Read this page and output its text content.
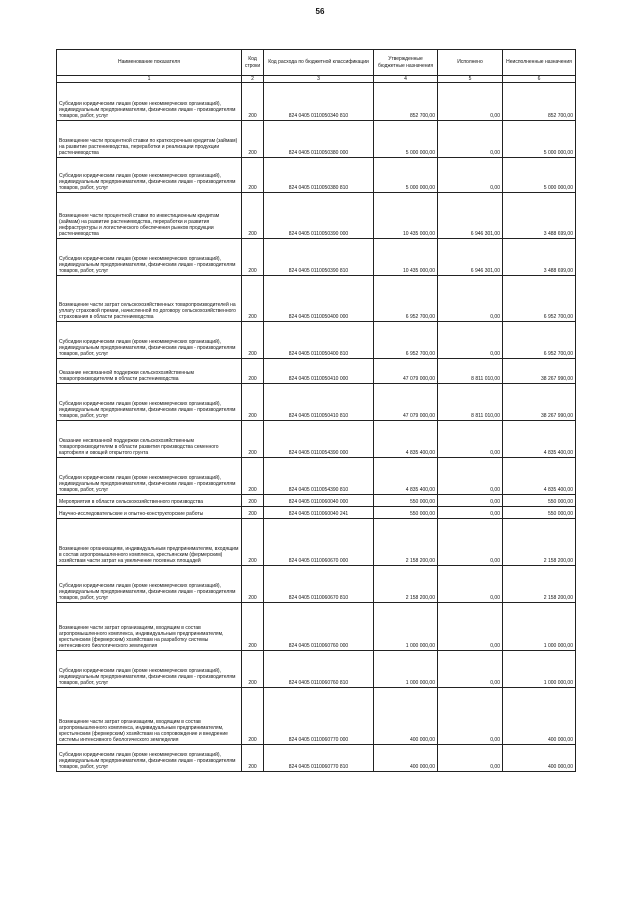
56
Наименование показателя	Код строки	Код расхода по бюджетной классификации	Утвержденные бюджетные назначения	Исполнено	Неисполненные назначения
1	2	3	4	5	6
Субсидии юридическим лицам (кроме некоммерческих организаций), индивидуальным предпринимателям, физическим лицам - производителям товаров, работ, услуг	200	824 0405 0110050340 810	852 700,00	0,00	852 700,00
Возмещение части процентной ставки по краткосрочным кредитам (займам) на развитие растениеводства, переработки и реализации продукции растениеводства	200	824 0405 0110050380 000	5 000 000,00	0,00	5 000 000,00
Субсидии юридическим лицам (кроме некоммерческих организаций), индивидуальным предпринимателям, физическим лицам - производителям товаров, работ, услуг	200	824 0405 0110050380 810	5 000 000,00	0,00	5 000 000,00
Возмещение части процентной ставки по инвестиционным кредитам (займам) на развитие растениеводства, переработки и развития инфраструктуры и логистического обеспечения рынков продукции растениеводства	200	824 0405 0110050390 000	10 435 000,00	6 946 301,00	3 488 699,00
Субсидии юридическим лицам (кроме некоммерческих организаций), индивидуальным предпринимателям, физическим лицам - производителям товаров, работ, услуг	200	824 0405 0110050390 810	10 435 000,00	6 946 301,00	3 488 699,00
Возмещение части затрат сельскохозяйственных товаропроизводителей на уплату страховой премии, начисленной по договору сельскохозяйственного страхования в области растениеводства	200	824 0405 0110050400 000	6 952 700,00	0,00	6 952 700,00
Субсидии юридическим лицам (кроме некоммерческих организаций), индивидуальным предпринимателям, физическим лицам - производителям товаров, работ, услуг	200	824 0405 0110050400 810	6 952 700,00	0,00	6 952 700,00
Оказание несвязанной поддержки сельскохозяйственным товаропроизводителям в области растениеводства	200	824 0405 0110050410 000	47 079 000,00	8 811 010,00	38 267 990,00
Субсидии юридическим лицам (кроме некоммерческих организаций), индивидуальным предпринимателям, физическим лицам - производителям товаров, работ, услуг	200	824 0405 0110050410 810	47 079 000,00	8 811 010,00	38 267 990,00
Оказание несвязанной поддержки сельскохозяйственным товаропроизводителям в области развития производства семенного картофеля и овощей открытого грунта	200	824 0405 0110054390 000	4 835 400,00	0,00	4 835 400,00
Субсидии юридическим лицам (кроме некоммерческих организаций), индивидуальным предпринимателям, физическим лицам - производителям товаров, работ, услуг	200	824 0405 0110054390 810	4 835 400,00	0,00	4 835 400,00
Мероприятия в области сельскохозяйственного производства	200	824 0405 0110060040 000	550 000,00	0,00	550 000,00
Научно-исследовательские и опытно-конструкторские работы	200	824 0405 0110060040 241	550 000,00	0,00	550 000,00
Возмещение организациям, индивидуальным предпринимателям, входящим в состав агропромышленного комплекса, крестьянским (фермерским) хозяйствам части затрат на увеличение посевных площадей	200	824 0405 0110060670 000	2 158 200,00	0,00	2 158 200,00
Субсидии юридическим лицам (кроме некоммерческих организаций), индивидуальным предпринимателям, физическим лицам - производителям товаров, работ, услуг	200	824 0405 0110060670 810	2 158 200,00	0,00	2 158 200,00
Возмещение части затрат организациям, входящим в состав агропромышленного комплекса, индивидуальным предпринимателям, крестьянским (фермерским) хозяйствам на разработку системы интенсивного биологического земледелия	200	824 0405 0110060760 000	1 000 000,00	0,00	1 000 000,00
Субсидии юридическим лицам (кроме некоммерческих организаций), индивидуальным предпринимателям, физическим лицам - производителям товаров, работ, услуг	200	824 0405 0110060760 810	1 000 000,00	0,00	1 000 000,00
Возмещение части затрат организациям, входящим в состав агропромышленного комплекса, индивидуальным предпринимателям, крестьянским (фермерским) хозяйствам на сопровождение и внедрение системы интенсивного биологического земледелия	200	824 0405 0110060770 000	400 000,00	0,00	400 000,00
Субсидии юридическим лицам (кроме некоммерческих организаций), индивидуальным предпринимателям, физическим лицам - производителям товаров, работ, услуг	200	824 0405 0110060770 810	400 000,00	0,00	400 000,00
